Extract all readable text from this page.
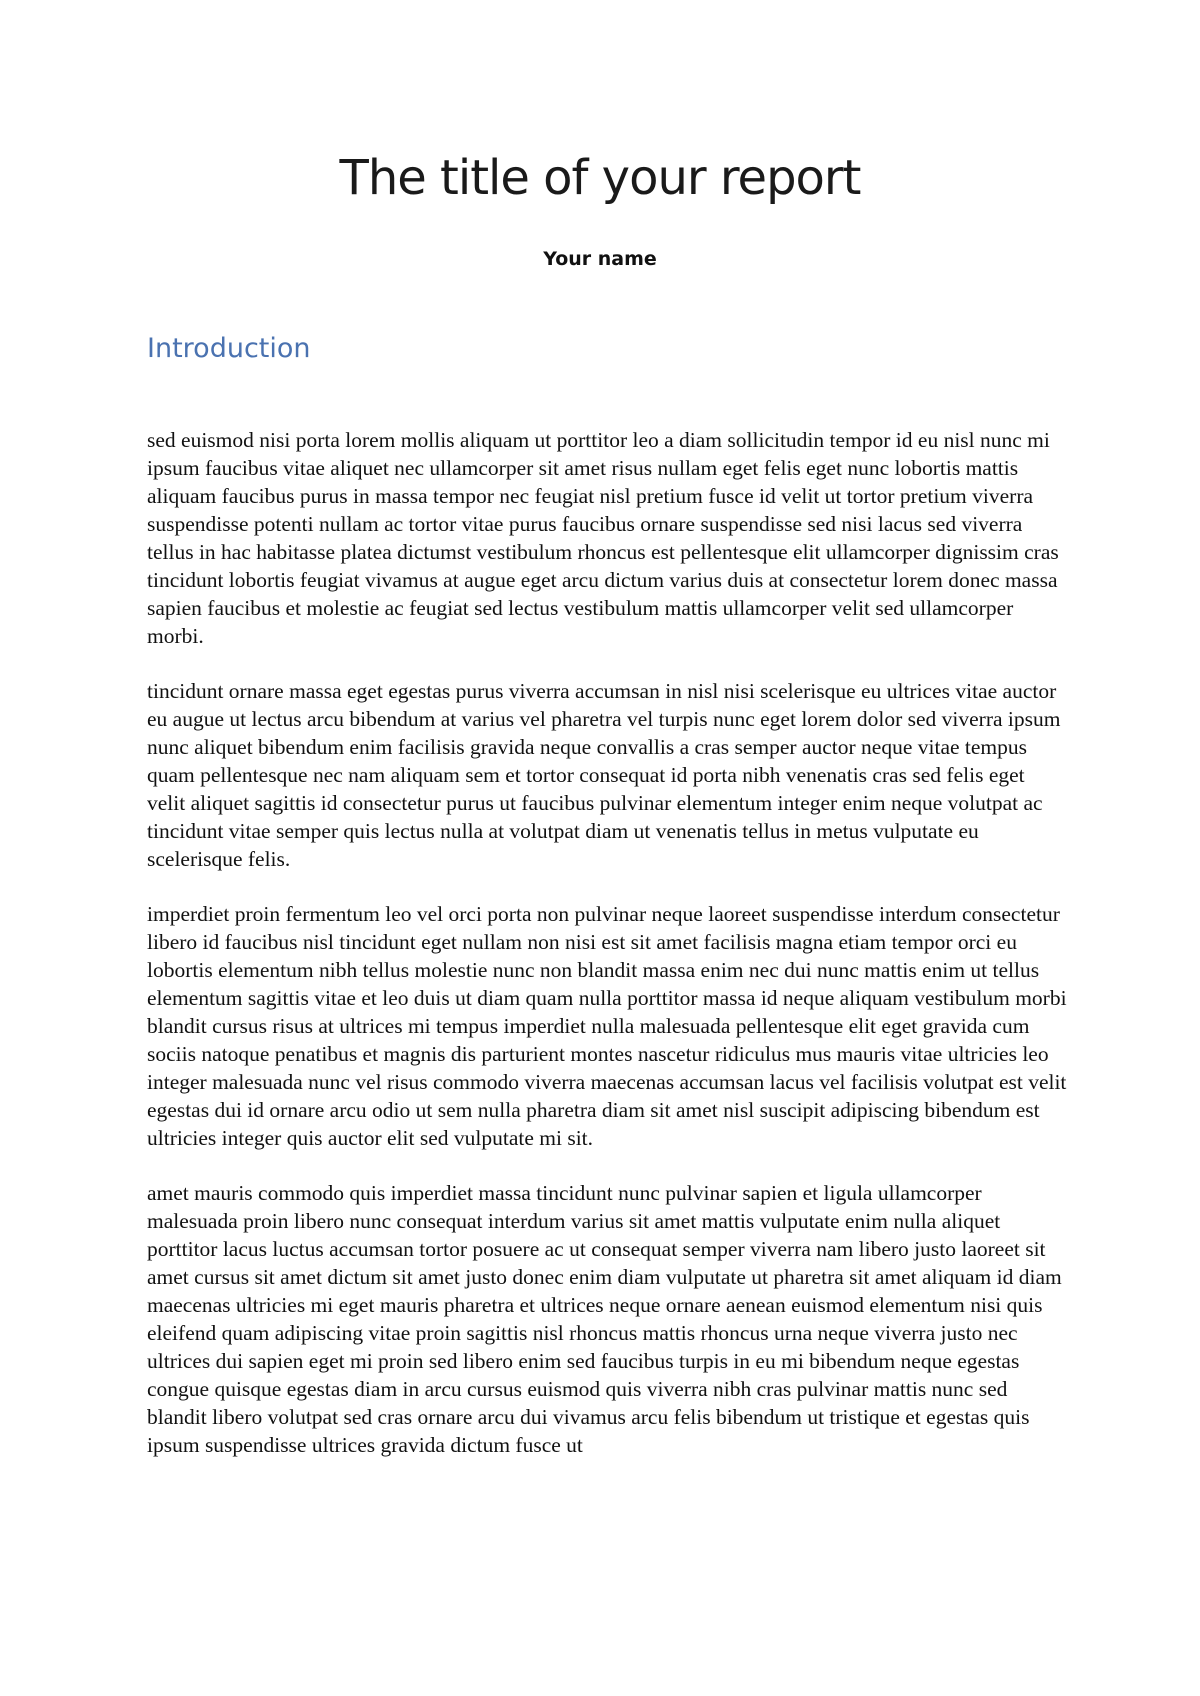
The title of your report

Your name

Introduction

sed euismod nisi porta lorem mollis aliquam ut porttitor leo a diam sollicitudin tempor id eu nisl nunc mi ipsum faucibus vitae aliquet nec ullamcorper sit amet risus nullam eget felis eget nunc lobortis mattis aliquam faucibus purus in massa tempor nec feugiat nisl pretium fusce id velit ut tortor pretium viverra suspendisse potenti nullam ac tortor vitae purus faucibus ornare suspendisse sed nisi lacus sed viverra tellus in hac habitasse platea dictumst vestibulum rhoncus est pellentesque elit ullamcorper dignissim cras tincidunt lobortis feugiat vivamus at augue eget arcu dictum varius duis at consectetur lorem donec massa sapien faucibus et molestie ac feugiat sed lectus vestibulum mattis ullamcorper velit sed ullamcorper morbi.

tincidunt ornare massa eget egestas purus viverra accumsan in nisl nisi scelerisque eu ultrices vitae auctor eu augue ut lectus arcu bibendum at varius vel pharetra vel turpis nunc eget lorem dolor sed viverra ipsum nunc aliquet bibendum enim facilisis gravida neque convallis a cras semper auctor neque vitae tempus quam pellentesque nec nam aliquam sem et tortor consequat id porta nibh venenatis cras sed felis eget velit aliquet sagittis id consectetur purus ut faucibus pulvinar elementum integer enim neque volutpat ac tincidunt vitae semper quis lectus nulla at volutpat diam ut venenatis tellus in metus vulputate eu scelerisque felis.

imperdiet proin fermentum leo vel orci porta non pulvinar neque laoreet suspendisse interdum consectetur libero id faucibus nisl tincidunt eget nullam non nisi est sit amet facilisis magna etiam tempor orci eu lobortis elementum nibh tellus molestie nunc non blandit massa enim nec dui nunc mattis enim ut tellus elementum sagittis vitae et leo duis ut diam quam nulla porttitor massa id neque aliquam vestibulum morbi blandit cursus risus at ultrices mi tempus imperdiet nulla malesuada pellentesque elit eget gravida cum sociis natoque penatibus et magnis dis parturient montes nascetur ridiculus mus mauris vitae ultricies leo integer malesuada nunc vel risus commodo viverra maecenas accumsan lacus vel facilisis volutpat est velit egestas dui id ornare arcu odio ut sem nulla pharetra diam sit amet nisl suscipit adipiscing bibendum est ultricies integer quis auctor elit sed vulputate mi sit.

amet mauris commodo quis imperdiet massa tincidunt nunc pulvinar sapien et ligula ullamcorper malesuada proin libero nunc consequat interdum varius sit amet mattis vulputate enim nulla aliquet porttitor lacus luctus accumsan tortor posuere ac ut consequat semper viverra nam libero justo laoreet sit amet cursus sit amet dictum sit amet justo donec enim diam vulputate ut pharetra sit amet aliquam id diam maecenas ultricies mi eget mauris pharetra et ultrices neque ornare aenean euismod elementum nisi quis eleifend quam adipiscing vitae proin sagittis nisl rhoncus mattis rhoncus urna neque viverra justo nec ultrices dui sapien eget mi proin sed libero enim sed faucibus turpis in eu mi bibendum neque egestas congue quisque egestas diam in arcu cursus euismod quis viverra nibh cras pulvinar mattis nunc sed blandit libero volutpat sed cras ornare arcu dui vivamus arcu felis bibendum ut tristique et egestas quis ipsum suspendisse ultrices gravida dictum fusce ut
